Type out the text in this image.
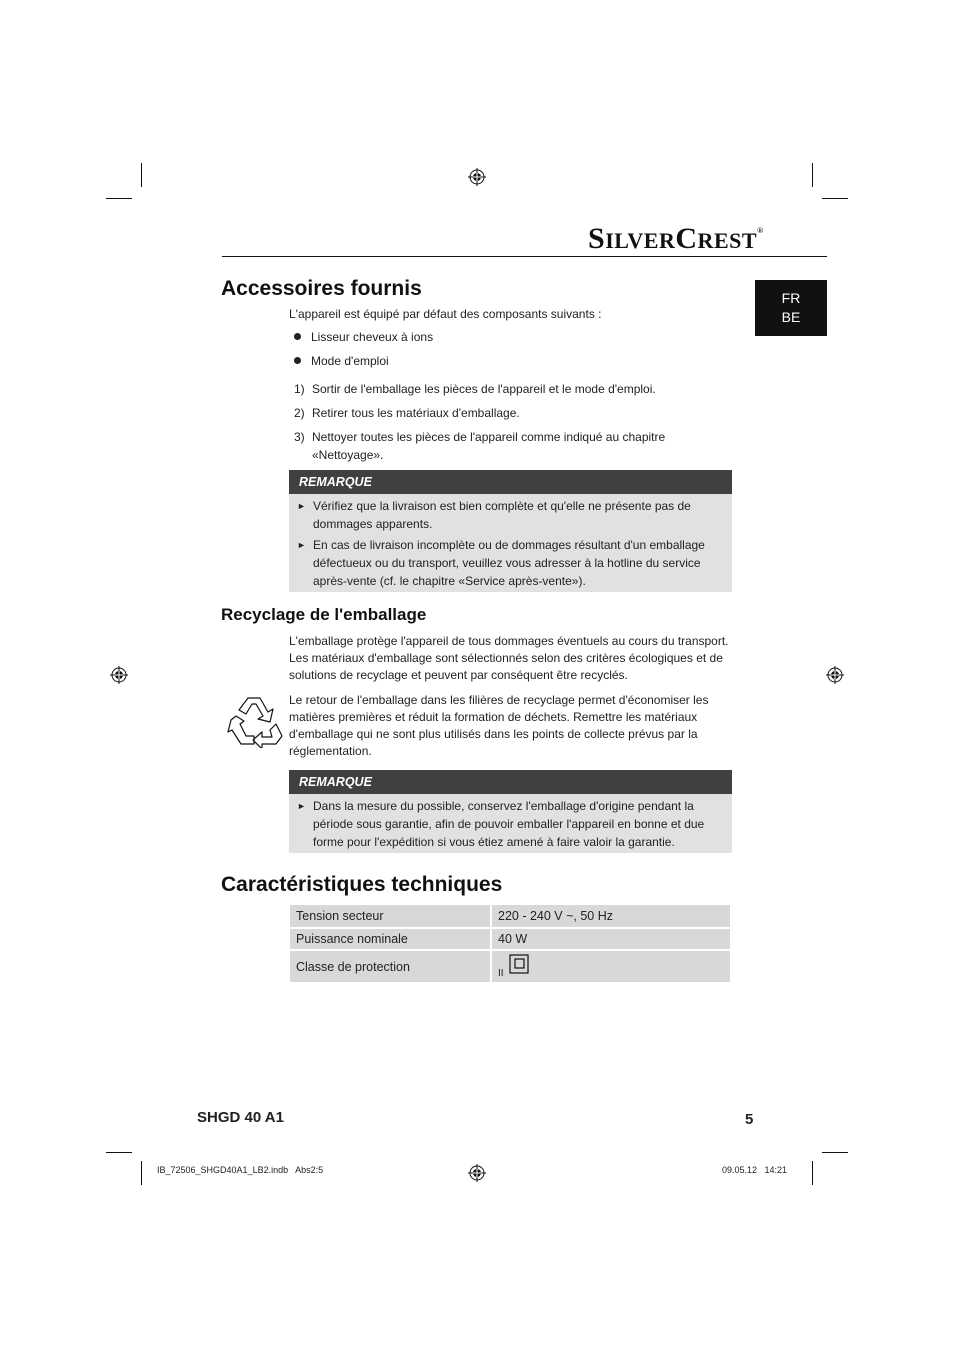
SILVERCREST®
FR
BE
Accessoires fournis
L'appareil est équipé par défaut des composants suivants :
Lisseur cheveux à ions
Mode d'emploi
1) Sortir de l'emballage les pièces de l'appareil et le mode d'emploi.
2) Retirer tous les matériaux d'emballage.
3) Nettoyer toutes les pièces de l'appareil comme indiqué au chapitre «Nettoyage».
REMARQUE
► Vérifiez que la livraison est bien complète et qu'elle ne présente pas de dommages apparents.
► En cas de livraison incomplète ou de dommages résultant d'un emballage défectueux ou du transport, veuillez vous adresser à la hotline du service après-vente (cf. le chapitre «Service après-vente»).
Recyclage de l'emballage
L'emballage protège l'appareil de tous dommages éventuels au cours du transport. Les matériaux d'emballage sont sélectionnés selon des critères écologiques et de solutions de recyclage et peuvent par conséquent être recyclés.
Le retour de l'emballage dans les filières de recyclage permet d'économiser les matières premières et réduit la formation de déchets. Remettre les matériaux d'emballage qui ne sont plus utilisés dans les points de collecte prévus par la réglementation.
REMARQUE
► Dans la mesure du possible, conservez l'emballage d'origine pendant la période sous garantie, afin de pouvoir emballer l'appareil en bonne et due forme pour l'expédition si vous étiez amené à faire valoir la garantie.
Caractéristiques techniques
Tension secteur	220 - 240 V ~, 50 Hz
Puissance nominale	40 W
Classe de protection	$_{II}$
SHGD 40 A1	5
IB_72506_SHGD40A1_LB2.indb   Abs2:5	09.05.12   14:21
